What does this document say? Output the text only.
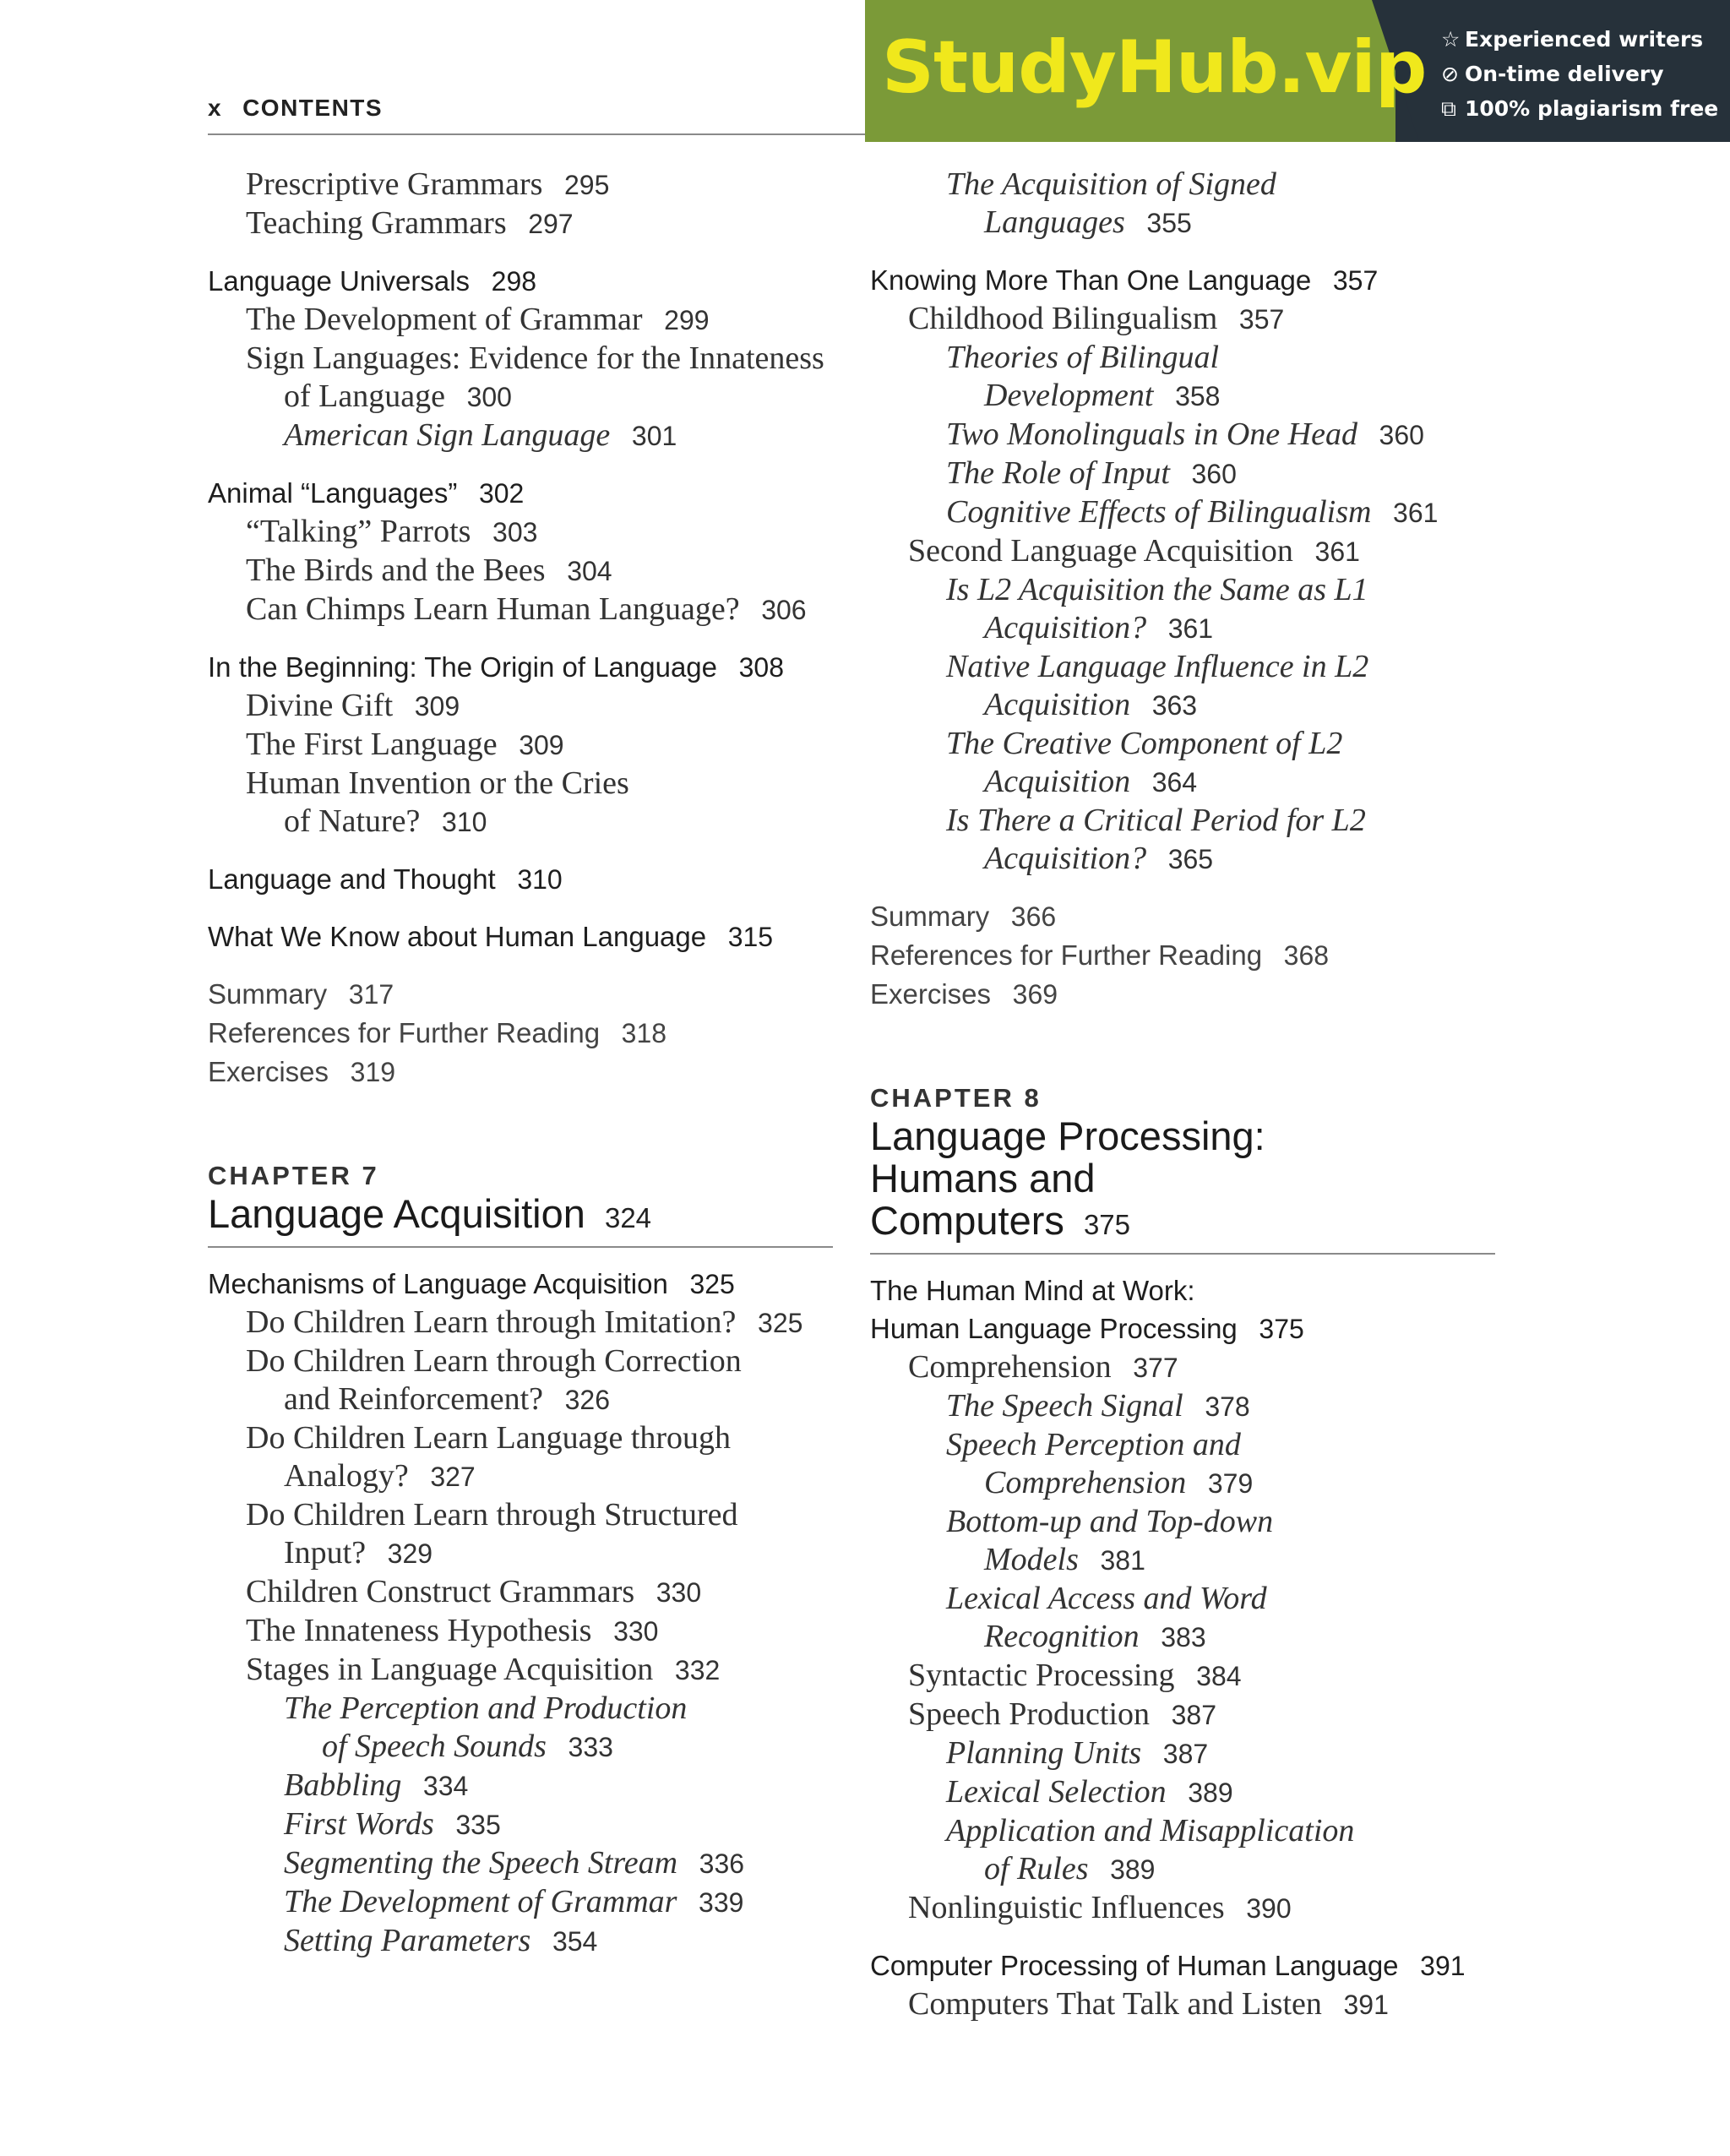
x CONTENTS	StudyHub.vip ☆ Experienced writers
⊘ On-time delivery
⧉ 100% plagiarism free
Prescriptive Grammars 295
Teaching Grammars 297
Language Universals 298
The Development of Grammar 299
Sign Languages: Evidence for the Innateness
of Language 300
American Sign Language 301
Animal “Languages” 302
“Talking” Parrots 303
The Birds and the Bees 304
Can Chimps Learn Human Language? 306
In the Beginning: The Origin of Language 308
Divine Gift 309
The First Language 309
Human Invention or the Cries
of Nature? 310
Language and Thought 310
What We Know about Human Language 315
Summary 317
References for Further Reading 318
Exercises 319
CHAPTER 7
Language Acquisition 324
Mechanisms of Language Acquisition 325
Do Children Learn through Imitation? 325
Do Children Learn through Correction
and Reinforcement? 326
Do Children Learn Language through
Analogy? 327
Do Children Learn through Structured
Input? 329
Children Construct Grammars 330
The Innateness Hypothesis 330
Stages in Language Acquisition 332
The Perception and Production
of Speech Sounds 333
Babbling 334
First Words 335
Segmenting the Speech Stream 336
The Development of Grammar 339
Setting Parameters 354
The Acquisition of Signed
Languages 355
Knowing More Than One Language 357
Childhood Bilingualism 357
Theories of Bilingual
Development 358
Two Monolinguals in One Head 360
The Role of Input 360
Cognitive Effects of Bilingualism 361
Second Language Acquisition 361
Is L2 Acquisition the Same as L1
Acquisition? 361
Native Language Influence in L2
Acquisition 363
The Creative Component of L2
Acquisition 364
Is There a Critical Period for L2
Acquisition? 365
Summary 366
References for Further Reading 368
Exercises 369
CHAPTER 8
Language Processing:
Humans and
Computers 375
The Human Mind at Work:
Human Language Processing 375
Comprehension 377
The Speech Signal 378
Speech Perception and
Comprehension 379
Bottom-up and Top-down
Models 381
Lexical Access and Word
Recognition 383
Syntactic Processing 384
Speech Production 387
Planning Units 387
Lexical Selection 389
Application and Misapplication
of Rules 389
Nonlinguistic Influences 390
Computer Processing of Human Language 391
Computers That Talk and Listen 391
